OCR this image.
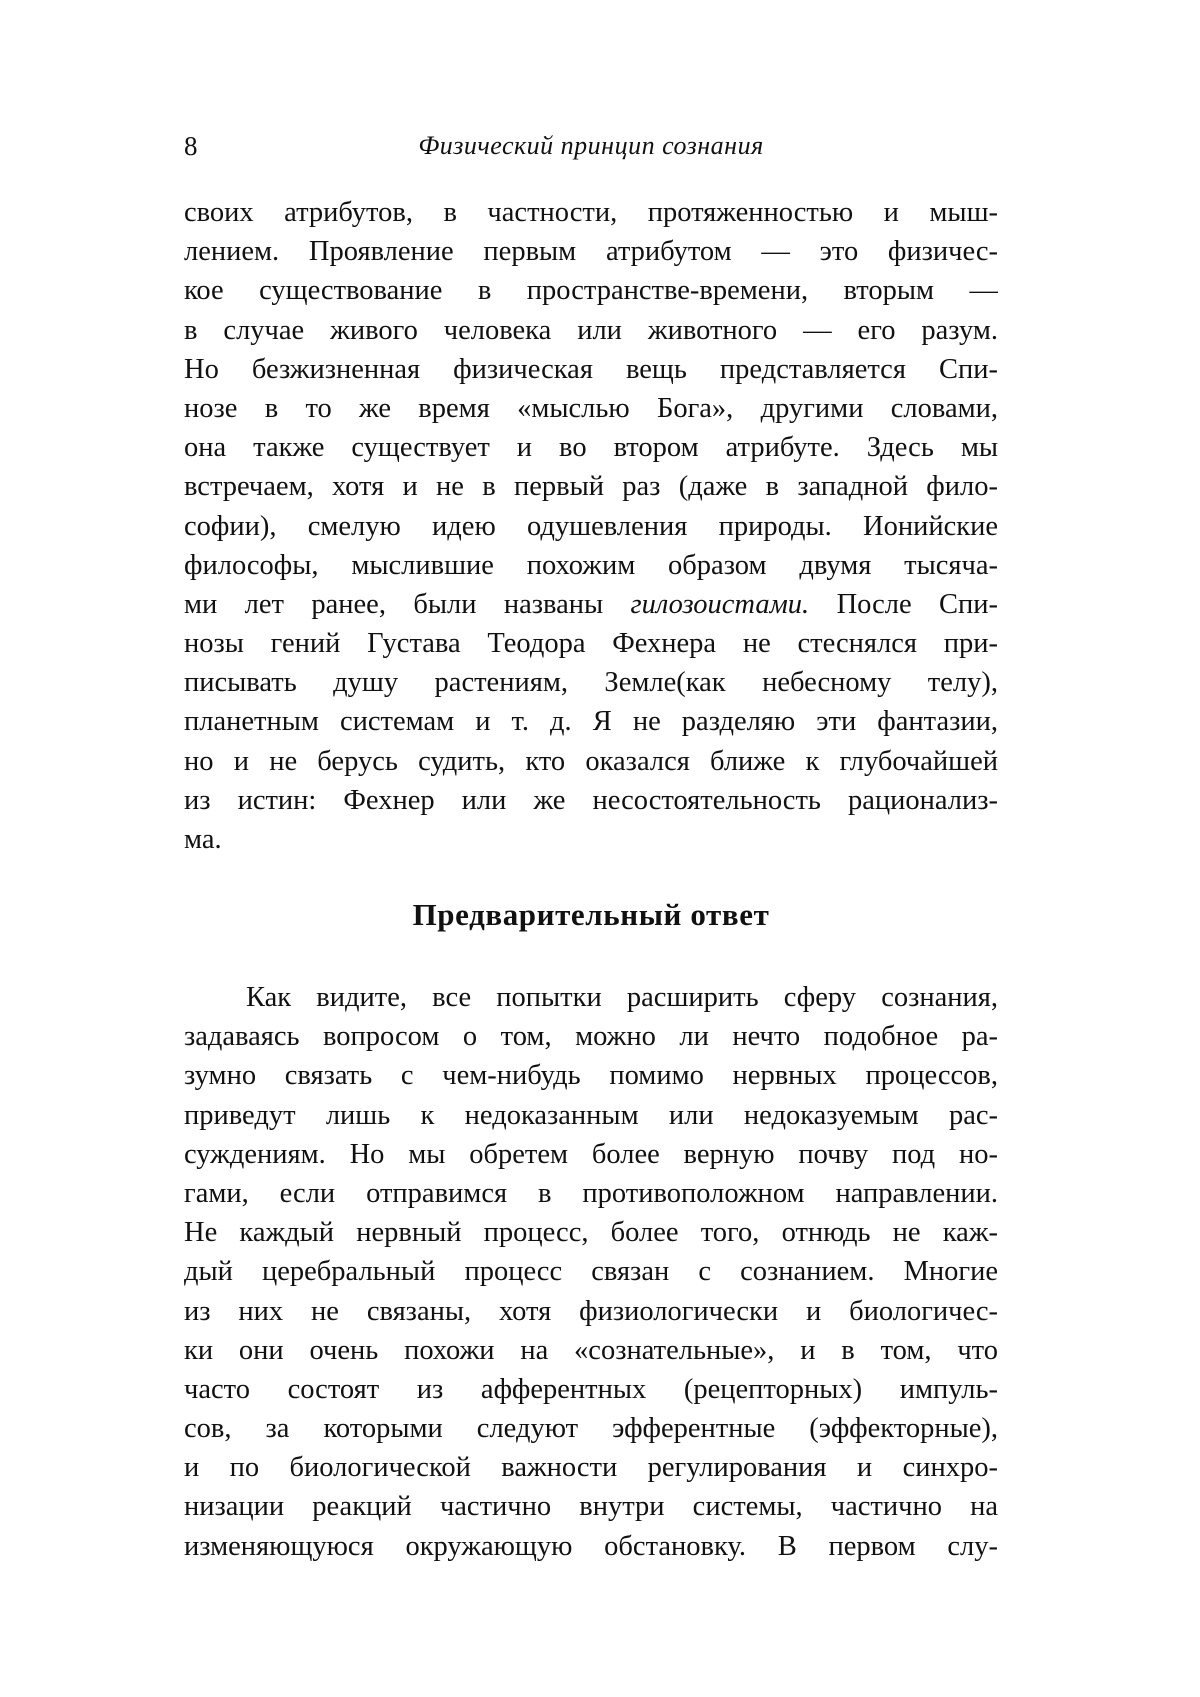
8	Физический принцип сознания
своих атрибутов, в частности, протяженностью и мыш-
лением. Проявление первым атрибутом — это физичес-
кое существование в пространстве-времени, вторым —
в случае живого человека или животного — его разум.
Но безжизненная физическая вещь представляется Спи-
нозе в то же время «мыслью Бога», другими словами,
она также существует и во втором атрибуте. Здесь мы
встречаем, хотя и не в первый раз (даже в западной фило-
софии), смелую идею одушевления природы. Ионийские
философы, мыслившие похожим образом двумя тысяча-
ми лет ранее, были названы гилозоистами. После Спи-
нозы гений Густава Теодора Фехнера не стеснялся при-
писывать душу растениям, Земле(как небесному телу),
планетным системам и т. д. Я не разделяю эти фантазии,
но и не берусь судить, кто оказался ближе к глубочайшей
из истин: Фехнер или же несостоятельность рационализ-
ма.
Предварительный ответ
Как видите, все попытки расширить сферу сознания,
задаваясь вопросом о том, можно ли нечто подобное ра-
зумно связать с чем-нибудь помимо нервных процессов,
приведут лишь к недоказанным или недоказуемым рас-
суждениям. Но мы обретем более верную почву под но-
гами, если отправимся в противоположном направлении.
Не каждый нервный процесс, более того, отнюдь не каж-
дый церебральный процесс связан с сознанием. Многие
из них не связаны, хотя физиологически и биологичес-
ки они очень похожи на «сознательные», и в том, что
часто состоят из афферентных (рецепторных) импуль-
сов, за которыми следуют эфферентные (эффекторные),
и по биологической важности регулирования и синхро-
низации реакций частично внутри системы, частично на
изменяющуюся окружающую обстановку. В первом слу-
